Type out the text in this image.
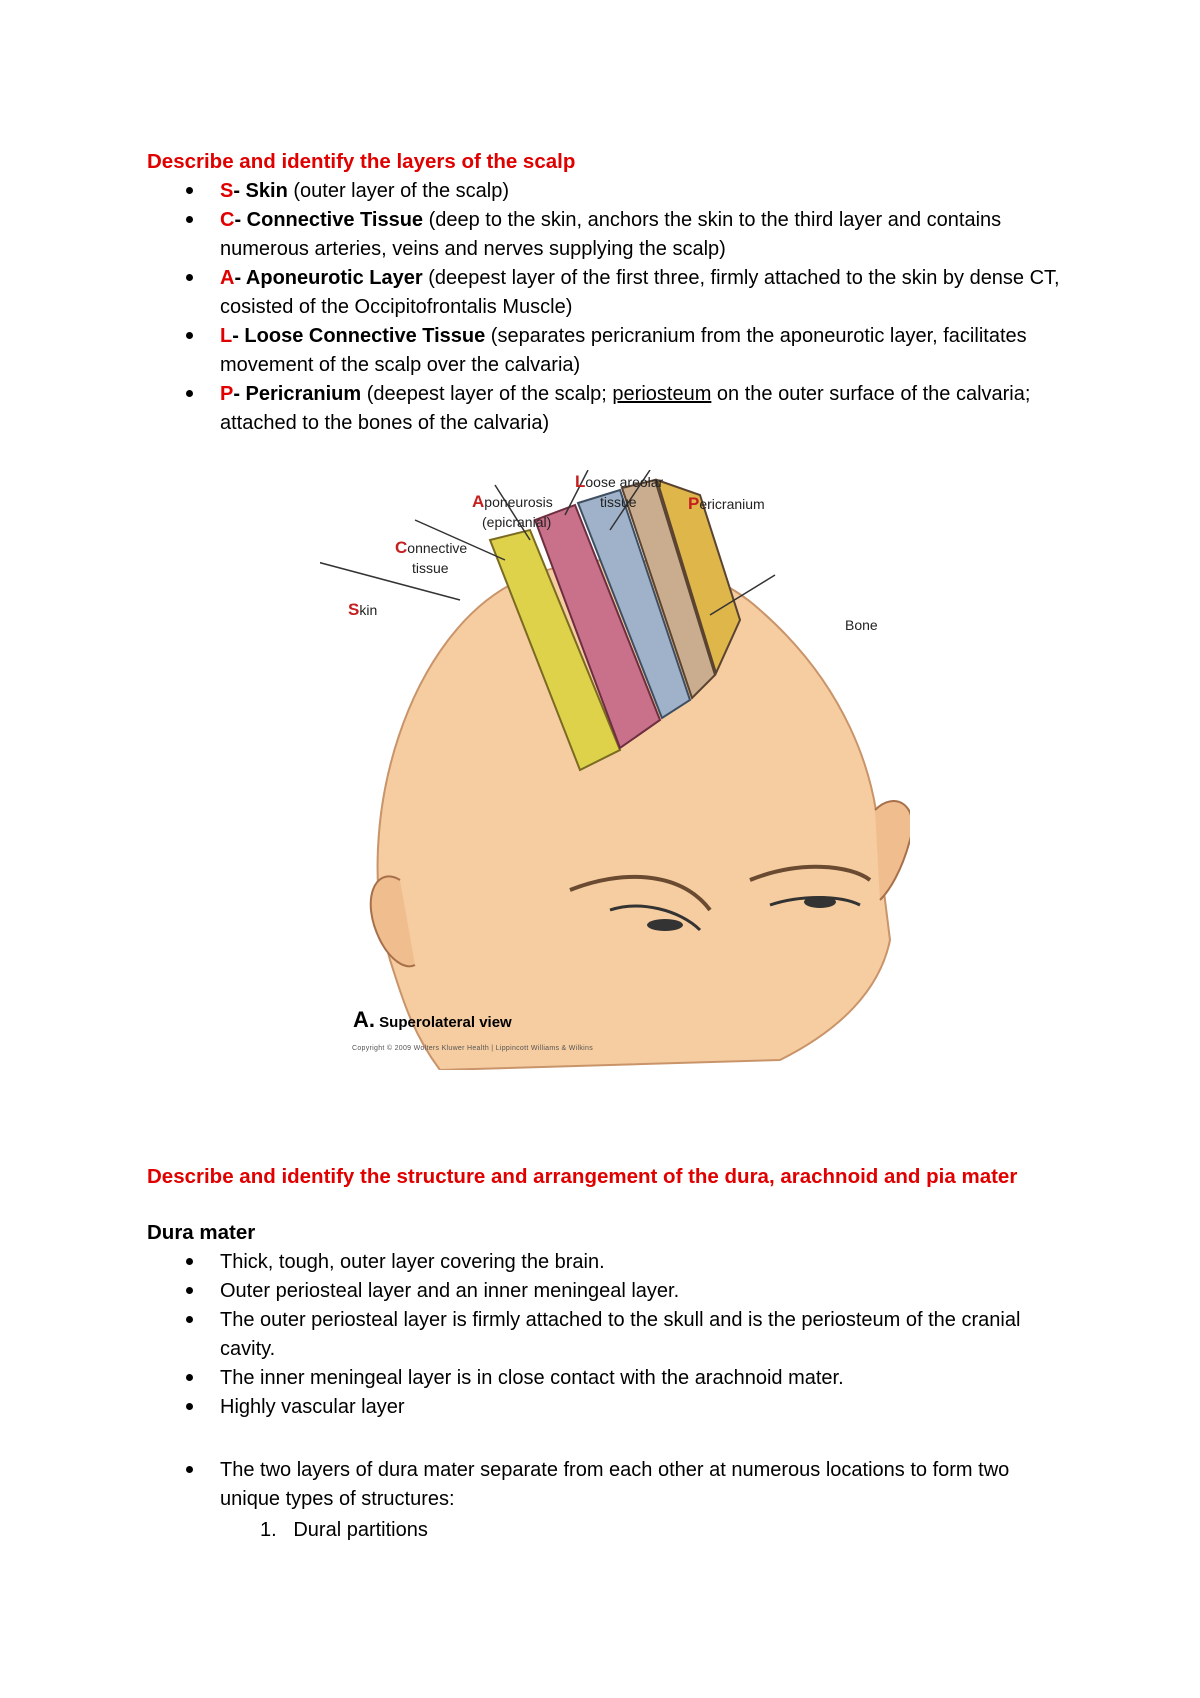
Describe and identify the layers of the scalp
S- Skin (outer layer of the scalp)
C- Connective Tissue (deep to the skin, anchors the skin to the third layer and contains numerous arteries, veins and nerves supplying the scalp)
A- Aponeurotic Layer (deepest layer of the first three, firmly attached to the skin by dense CT, cosisted of the Occipitofrontalis Muscle)
L- Loose Connective Tissue (separates pericranium from the aponeurotic layer, facilitates movement of the scalp over the calvaria)
P- Pericranium (deepest layer of the scalp; periosteum on the outer surface of the calvaria; attached to the bones of the calvaria)
Skin
Connective
tissue
Aponeurosis
(epicranial)
Loose areolar
tissue	Pericranium
Bone
A. Superolateral view
Copyright © 2009 Wolters Kluwer Health | Lippincott Williams & Wilkins
Describe and identify the structure and arrangement of the dura, arachnoid and pia mater
Dura mater
Thick, tough, outer layer covering the brain.
Outer periosteal layer and an inner meningeal layer.
The outer periosteal layer is firmly attached to the skull and is the periosteum of the cranial cavity.
The inner meningeal layer is in close contact with the arachnoid mater.
Highly vascular layer
The two layers of dura mater separate from each other at numerous locations to form two unique types of structures:
1. Dural partitions
